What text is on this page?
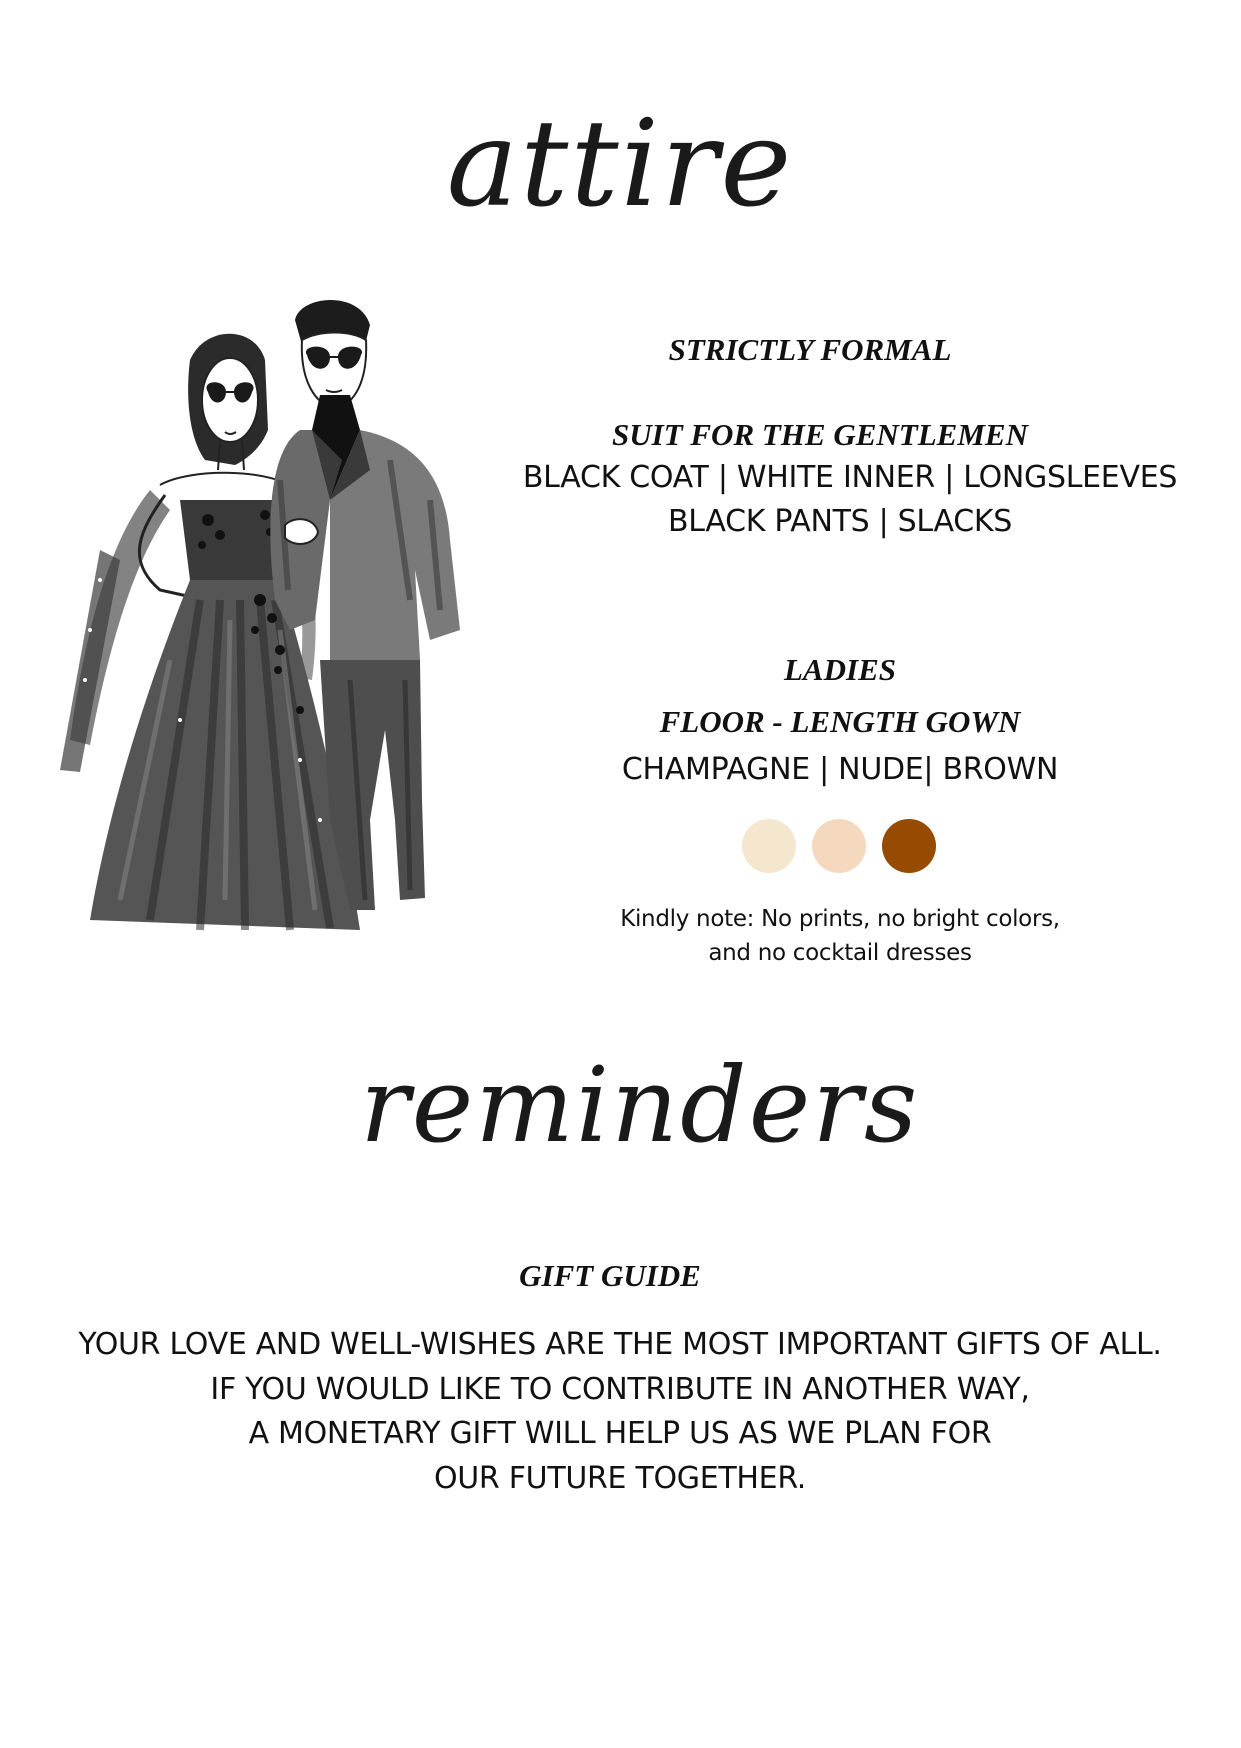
attire
STRICTLY FORMAL
SUIT FOR THE GENTLEMEN
BLACK COAT | WHITE INNER | LONGSLEEVES
BLACK PANTS | SLACKS
LADIES
FLOOR - LENGTH GOWN
CHAMPAGNE | NUDE| BROWN
Kindly note: No prints, no bright colors,
and no cocktail dresses
reminders
GIFT GUIDE
YOUR LOVE AND WELL-WISHES ARE THE MOST IMPORTANT GIFTS OF ALL.
IF YOU WOULD LIKE TO CONTRIBUTE IN ANOTHER WAY,
A MONETARY GIFT WILL HELP US AS WE PLAN FOR
OUR FUTURE TOGETHER.
